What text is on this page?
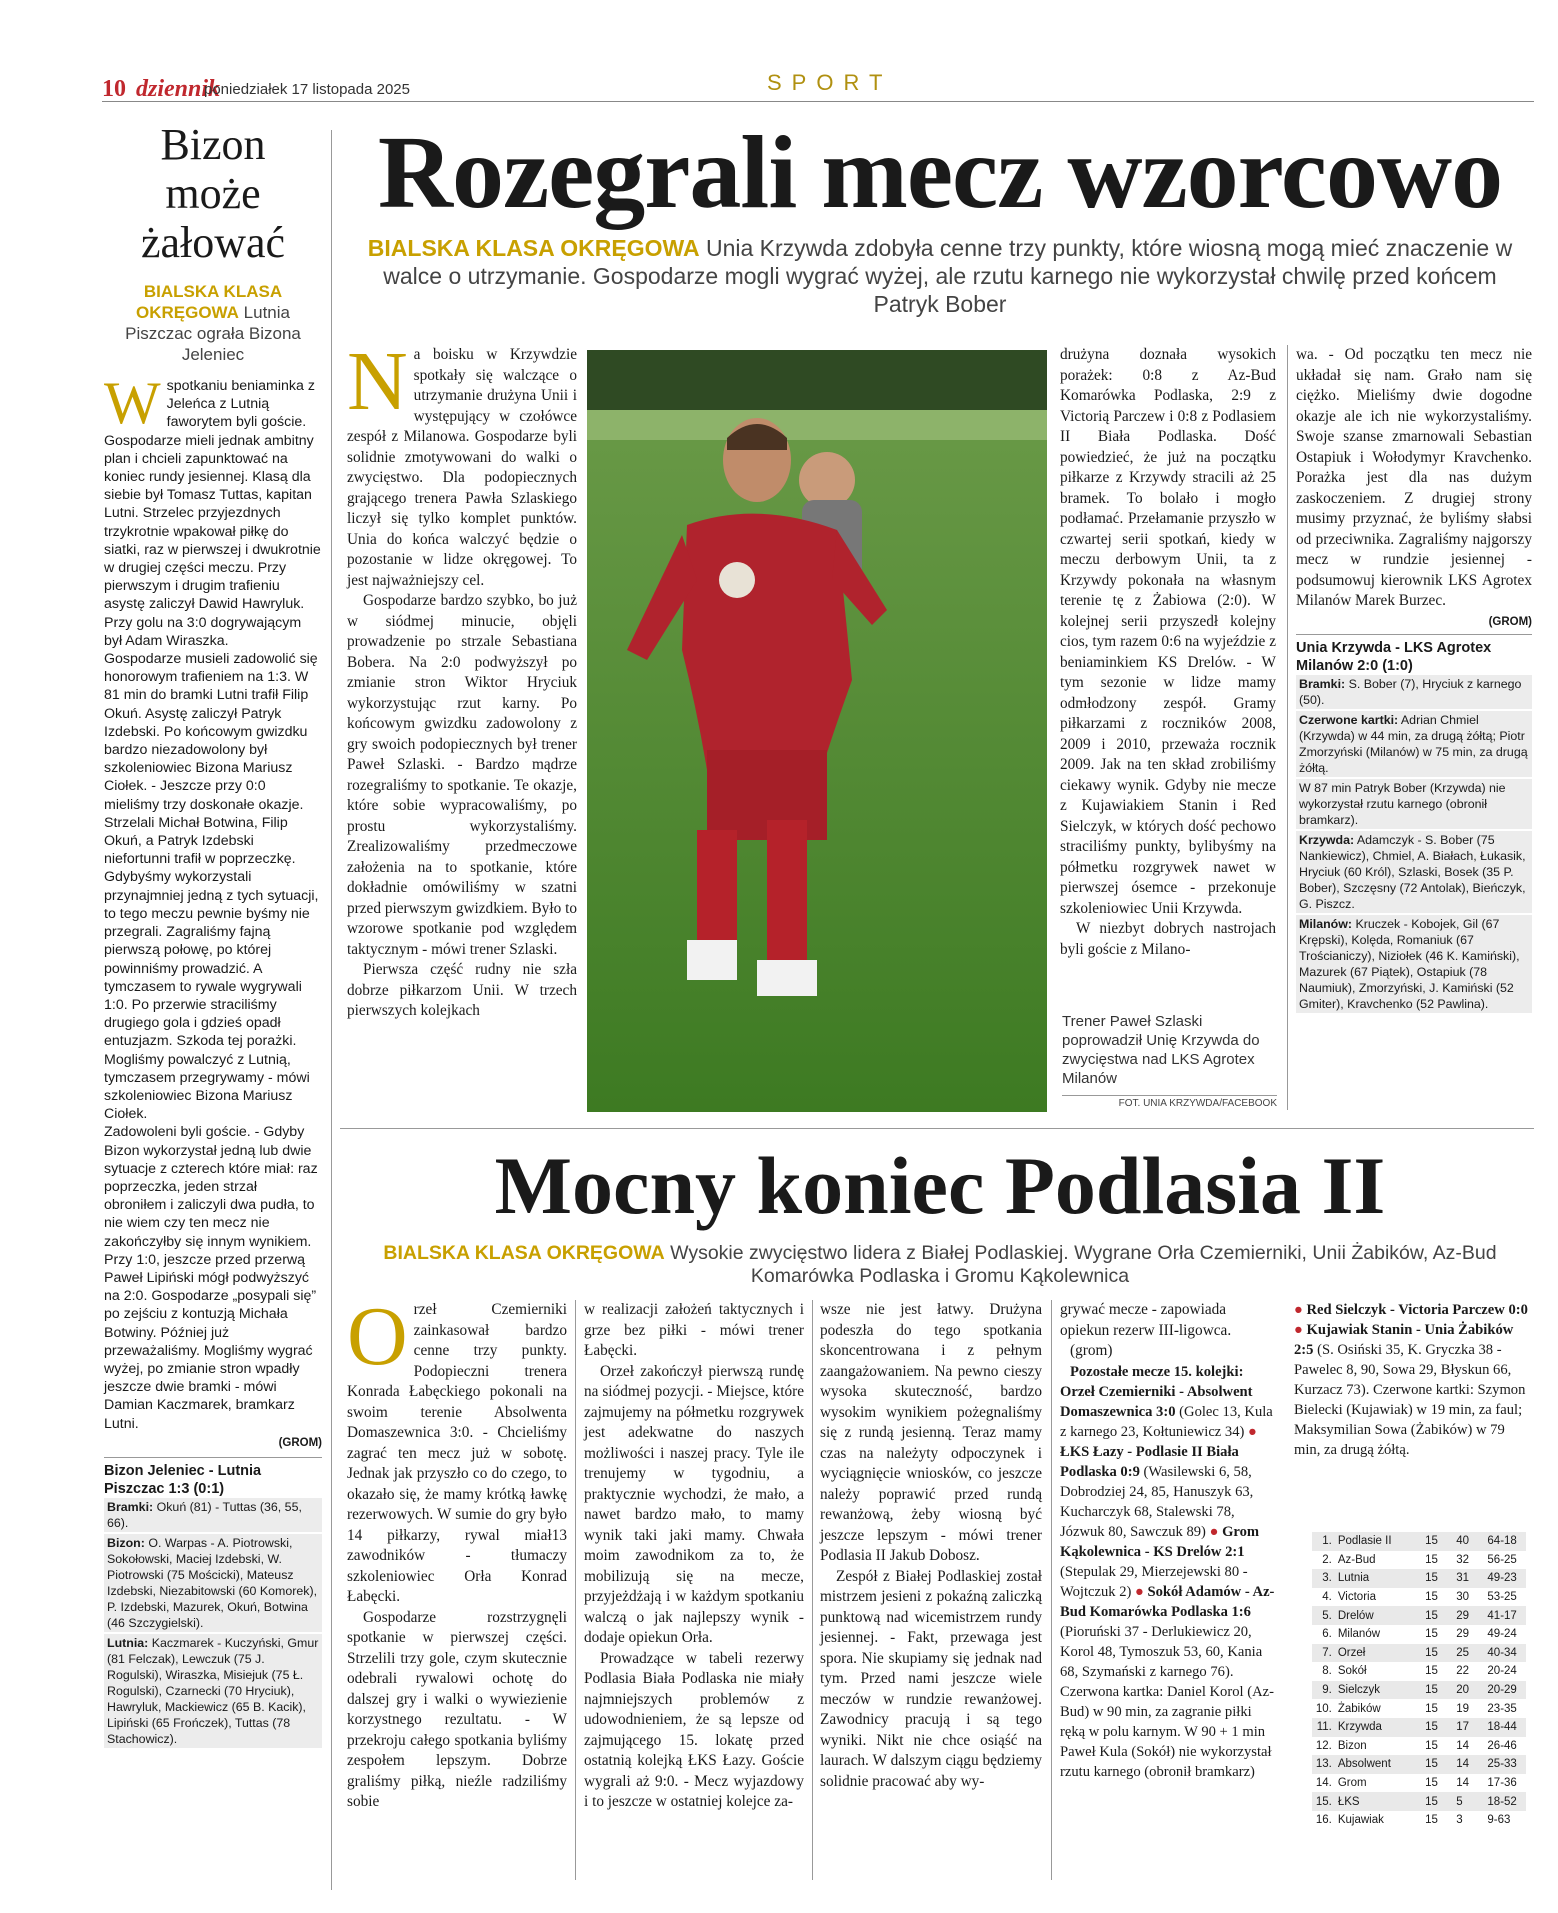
10 dziennik
poniedziałek 17 listopada 2025	SPORT
Bizon
może
żałować
BIALSKA KLASA OKRĘGOWA Lutnia Piszczac ograła Bizona Jeleniec

Wspotkaniu beniaminka z Jeleńca z Lutnią faworytem byli goście. Gospodarze mieli jednak ambitny plan i chcieli zapunktować na koniec rundy jesiennej. Klasą dla siebie był Tomasz Tuttas, kapitan Lutni. Strzelec przyjezdnych trzykrotnie wpakował piłkę do siatki, raz w pierwszej i dwukrotnie w drugiej części meczu. Przy pierwszym i drugim trafieniu asystę zaliczył Dawid Hawryluk. Przy golu na 3:0 dogrywającym był Adam Wiraszka.

Gospodarze musieli zadowolić się honorowym trafieniem na 1:3. W 81 min do bramki Lutni trafił Filip Okuń. Asystę zaliczył Patryk Izdebski. Po końcowym gwizdku bardzo niezadowolony był szkoleniowiec Bizona Mariusz Ciołek. - Jeszcze przy 0:0 mieliśmy trzy doskonałe okazje. Strzelali Michał Botwina, Filip Okuń, a Patryk Izdebski niefortunni trafił w poprzeczkę. Gdybyśmy wykorzystali przynajmniej jedną z tych sytuacji, to tego meczu pewnie byśmy nie przegrali. Zagraliśmy fajną pierwszą połowę, po której powinniśmy prowadzić. A tymczasem to rywale wygrywali 1:0. Po przerwie straciliśmy drugiego gola i gdzieś opadł entuzjazm. Szkoda tej porażki. Mogliśmy powalczyć z Lutnią, tymczasem przegrywamy - mówi szkoleniowiec Bizona Mariusz Ciołek.

Zadowoleni byli goście. - Gdyby Bizon wykorzystał jedną lub dwie sytuacje z czterech które miał: raz poprzeczka, jeden strzał obroniłem i zaliczyli dwa pudła, to nie wiem czy ten mecz nie zakończyłby się innym wynikiem. Przy 1:0, jeszcze przed przerwą Paweł Lipiński mógł podwyższyć na 2:0. Gospodarze „posypali się” po zejściu z kontuzją Michała Botwiny. Później już przeważaliśmy. Mogliśmy wygrać wyżej, po zmianie stron wpadły jeszcze dwie bramki - mówi Damian Kaczmarek, bramkarz Lutni.

(GROM)
Bizon Jeleniec - Lutnia Piszczac 1:3 (0:1)
Bramki: Okuń (81) - Tuttas (36, 55, 66).
Bizon: O. Warpas - A. Piotrowski, Sokołowski, Maciej Izdebski, W. Piotrowski (75 Mościcki), Mateusz Izdebski, Niezabitowski (60 Komorek), P. Izdebski, Mazurek, Okuń, Botwina (46 Szczygielski).
Lutnia: Kaczmarek - Kuczyński, Gmur (81 Felczak), Lewczuk (75 J. Rogulski), Wiraszka, Misiejuk (75 Ł. Rogulski), Czarnecki (70 Hryciuk), Hawryluk, Mackiewicz (65 B. Kacik), Lipiński (65 Frończek), Tuttas (78 Stachowicz).
Rozegrali mecz wzorcowo
BIALSKA KLASA OKRĘGOWA Unia Krzywda zdobyła cenne trzy punkty, które wiosną mogą mieć znaczenie w walce o utrzymanie. Gospodarze mogli wygrać wyżej, ale rzutu karnego nie wykorzystał chwilę przed końcem Patryk Bober

Na boisku w Krzywdzie spotkały się walczące o utrzymanie drużyna Unii i występujący w czołówce zespół z Milanowa. Gospodarze byli solidnie zmotywowani do walki o zwycięstwo. Dla podopiecznych grającego trenera Pawła Szlaskiego liczył się tylko komplet punktów. Unia do końca walczyć będzie o pozostanie w lidze okręgowej. To jest najważniejszy cel.

Gospodarze bardzo szybko, bo już w siódmej minucie, objęli prowadzenie po strzale Sebastiana Bobera. Na 2:0 podwyższył po zmianie stron Wiktor Hryciuk wykorzystując rzut karny. Po końcowym gwizdku zadowolony z gry swoich podopiecznych był trener Paweł Szlaski. - Bardzo mądrze rozegraliśmy to spotkanie. Te okazje, które sobie wypracowaliśmy, po prostu wykorzystaliśmy. Zrealizowaliśmy przedmeczowe założenia na to spotkanie, które dokładnie omówiliśmy w szatni przed pierwszym gwizdkiem. Było to wzorowe spotkanie pod względem taktycznym - mówi trener Szlaski.

Pierwsza część rudny nie szła dobrze piłkarzom Unii. W trzech pierwszych kolejkach

drużyna doznała wysokich porażek: 0:8 z Az-Bud Komarówka Podlaska, 2:9 z Victorią Parczew i 0:8 z Podlasiem II Biała Podlaska. Dość powiedzieć, że już na początku piłkarze z Krzywdy stracili aż 25 bramek. To bolało i mogło podłamać. Przełamanie przyszło w czwartej serii spotkań, kiedy w meczu derbowym Unii, ta z Krzywdy pokonała na własnym terenie tę z Żabiowa (2:0). W kolejnej serii przyszedł kolejny cios, tym razem 0:6 na wyjeździe z beniaminkiem KS Drelów. - W tym sezonie w lidze mamy odmłodzony zespół. Gramy piłkarzami z roczników 2008, 2009 i 2010, przeważa rocznik 2009. Jak na ten skład zrobiliśmy ciekawy wynik. Gdyby nie mecze z Kujawiakiem Stanin i Red Sielczyk, w których dość pechowo straciliśmy punkty, bylibyśmy na półmetku rozgrywek nawet w pierwszej ósemce - przekonuje szkoleniowiec Unii Krzywda.

W niezbyt dobrych nastrojach byli goście z Milano-

Trener Paweł Szlaski poprowadził Unię Krzywda do zwycięstwa nad LKS Agrotex Milanów
FOT. UNIA KRZYWDA/FACEBOOK

wa. - Od początku ten mecz nie układał się nam. Grało nam się ciężko. Mieliśmy dwie dogodne okazje ale ich nie wykorzystaliśmy. Swoje szanse zmarnowali Sebastian Ostapiuk i Wołodymyr Kravchenko. Porażka jest dla nas dużym zaskoczeniem. Z drugiej strony musimy przyznać, że byliśmy słabsi od przeciwnika. Zagraliśmy najgorszy mecz w rundzie jesiennej - podsumowuj kierownik LKS Agrotex Milanów Marek Burzec.

(GROM)
Unia Krzywda - LKS Agrotex Milanów 2:0 (1:0)
Bramki: S. Bober (7), Hryciuk z karnego (50).
Czerwone kartki: Adrian Chmiel (Krzywda) w 44 min, za drugą żółtą; Piotr Zmorzyński (Milanów) w 75 min, za drugą żółtą.
W 87 min Patryk Bober (Krzywda) nie wykorzystał rzutu karnego (obronił bramkarz).
Krzywda: Adamczyk - S. Bober (75 Nankiewicz), Chmiel, A. Białach, Łukasik, Hryciuk (60 Król), Szlaski, Bosek (35 P. Bober), Szczęsny (72 Antolak), Bieńczyk, G. Piszcz.
Milanów: Kruczek - Kobojek, Gil (67 Krępski), Kolęda, Romaniuk (67 Trościaniczy), Niziołek (46 K. Kamiński), Mazurek (67 Piątek), Ostapiuk (78 Naumiuk), Zmorzyński, J. Kamiński (52 Gmiter), Kravchenko (52 Pawlina).
Mocny koniec Podlasia II
BIALSKA KLASA OKRĘGOWA Wysokie zwycięstwo lidera z Białej Podlaskiej. Wygrane Orła Czemierniki, Unii Żabików, Az-Bud Komarówka Podlaska i Gromu Kąkolewnica

Orzeł Czemierniki zainkasował bardzo cenne trzy punkty. Podopieczni trenera Konrada Łabęckiego pokonali na swoim terenie Absolwenta Domaszewnica 3:0. - Chcieliśmy zagrać ten mecz już w sobotę. Jednak jak przyszło co do czego, to okazało się, że mamy krótką ławkę rezerwowych. W sumie do gry było 14 piłkarzy, rywal miał13 zawodników - tłumaczy szkoleniowiec Orła Konrad Łabęcki.

Gospodarze rozstrzygnęli spotkanie w pierwszej części. Strzelili trzy gole, czym skutecznie odebrali rywalowi ochotę do dalszej gry i walki o wywiezienie korzystnego rezultatu. - W przekroju całego spotkania byliśmy zespołem lepszym. Dobrze graliśmy piłką, nieźle radziliśmy sobie

w realizacji założeń taktycznych i grze bez piłki - mówi trener Łabęcki.

Orzeł zakończył pierwszą rundę na siódmej pozycji. - Miejsce, które zajmujemy na półmetku rozgrywek jest adekwatne do naszych możliwości i naszej pracy. Tyle ile trenujemy w tygodniu, a praktycznie wychodzi, że mało, a nawet bardzo mało, to mamy wynik taki jaki mamy. Chwała moim zawodnikom za to, że mobilizują się na mecze, przyjeżdżają i w każdym spotkaniu walczą o jak najlepszy wynik - dodaje opiekun Orła.

Prowadzące w tabeli rezerwy Podlasia Biała Podlaska nie miały najmniejszych problemów z udowodnieniem, że są lepsze od zajmującego 15. lokatę przed ostatnią kolejką ŁKS Łazy. Goście wygrali aż 9:0. - Mecz wyjazdowy i to jeszcze w ostatniej kolejce za-

wsze nie jest łatwy. Drużyna podeszła do tego spotkania skoncentrowana i z pełnym zaangażowaniem. Na pewno cieszy wysoka skuteczność, bardzo wysokim wynikiem pożegnaliśmy się z rundą jesienną. Teraz mamy czas na należyty odpoczynek i wyciągnięcie wniosków, co jeszcze należy poprawić przed rundą rewanżową, żeby wiosną być jeszcze lepszym - mówi trener Podlasia II Jakub Dobosz.

Zespół z Białej Podlaskiej został mistrzem jesieni z pokaźną zaliczką punktową nad wicemistrzem rundy jesiennej. - Fakt, przewaga jest spora. Nie skupiamy się jednak nad tym. Przed nami jeszcze wiele meczów w rundzie rewanżowej. Zawodnicy pracują i są tego wyniki. Nikt nie chce osiąść na laurach. W dalszym ciągu będziemy solidnie pracować aby wy-

grywać mecze - zapowiada opiekun rezerw III-ligowca.

(grom)

Pozostałe mecze 15. kolejki: Orzeł Czemierniki - Absolwent Domaszewnica 3:0 (Golec 13, Kula z karnego 23, Kołtuniewicz 34) ● ŁKS Łazy - Podlasie II Biała Podlaska 0:9 (Wasilewski 6, 58, Dobrodziej 24, 85, Hanuszyk 63, Kucharczyk 68, Stalewski 78, Józwuk 80, Sawczuk 89) ● Grom Kąkolewnica - KS Drelów 2:1 (Stepulak 29, Mierzejewski 80 - Wojtczuk 2) ● Sokół Adamów - Az-Bud Komarówka Podlaska 1:6 (Pioruński 37 - Derlukiewicz 20, Korol 48, Tymoszuk 53, 60, Kania 68, Szymański z karnego 76). Czerwona kartka: Daniel Korol (Az-Bud) w 90 min, za zagranie piłki ręką w polu karnym. W 90 + 1 min Paweł Kula (Sokół) nie wykorzystał rzutu karnego (obronił bramkarz)

● Red Sielczyk - Victoria Parczew 0:0 ● Kujawiak Stanin - Unia Żabików 2:5 (S. Osiński 35, K. Gryczka 38 - Pawelec 8, 90, Sowa 29, Błyskun 66, Kurzacz 73). Czerwone kartki: Szymon Bielecki (Kujawiak) w 19 min, za faul; Maksymilian Sowa (Żabików) w 79 min, za drugą żółtą.

1.	Podlasie II	15	40	64-18
2.	Az-Bud	15	32	56-25
3.	Lutnia	15	31	49-23
4.	Victoria	15	30	53-25
5.	Drelów	15	29	41-17
6.	Milanów	15	29	49-24
7.	Orzeł	15	25	40-34
8.	Sokół	15	22	20-24
9.	Sielczyk	15	20	20-29
10.	Żabików	15	19	23-35
11.	Krzywda	15	17	18-44
12.	Bizon	15	14	26-46
13.	Absolwent	15	14	25-33
14.	Grom	15	14	17-36
15.	ŁKS	15	5	18-52
16.	Kujawiak	15	3	9-63
